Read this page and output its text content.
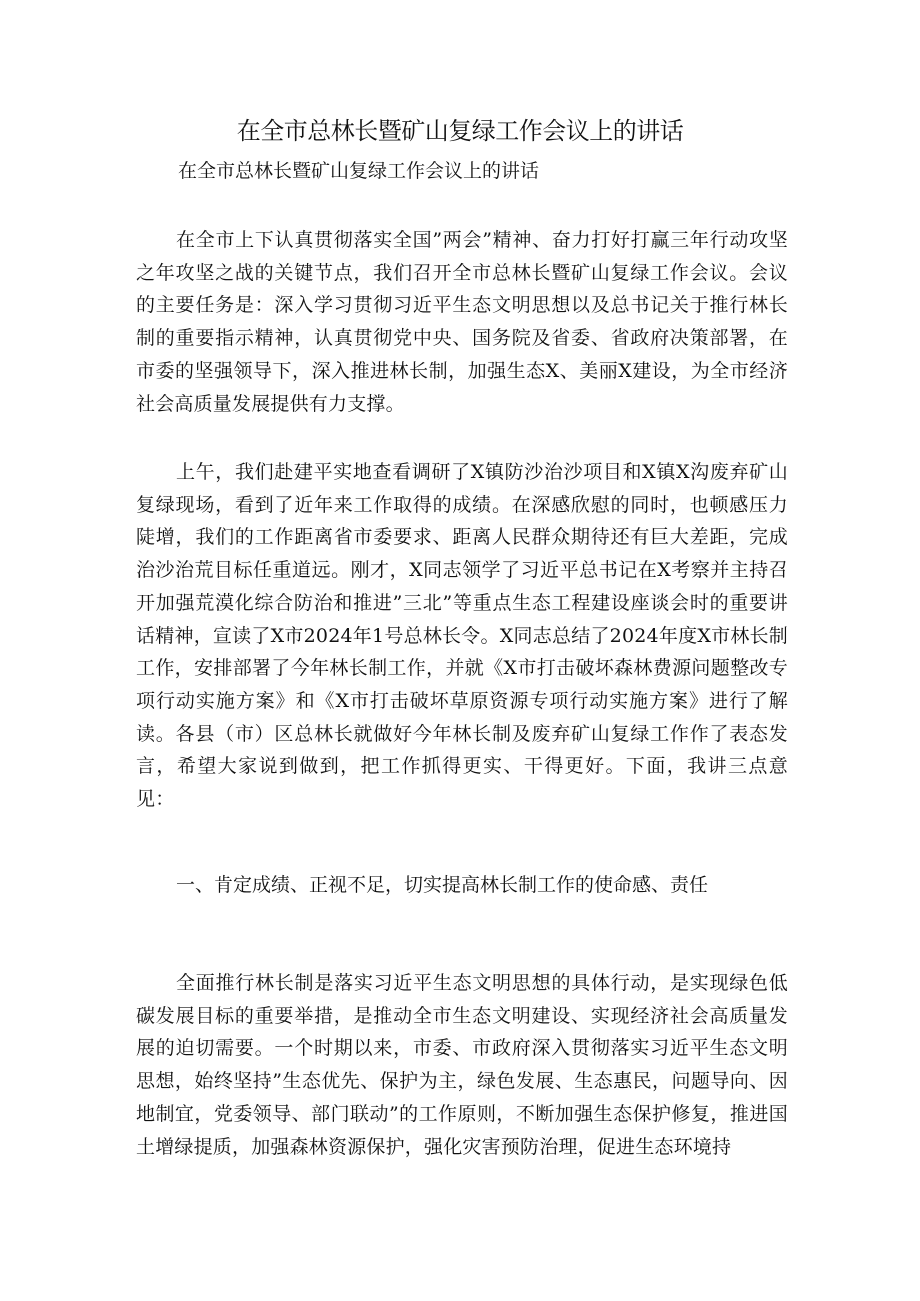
在全市总林长暨矿山复绿工作会议上的讲话

在全市总林长暨矿山复绿工作会议上的讲话

在全市上下认真贯彻落实全国”两会”精神、奋力打好打赢三年行动攻坚之年攻坚之战的关键节点，我们召开全市总林长暨矿山复绿工作会议。会议的主要任务是：深入学习贯彻习近平生态文明思想以及总书记关于推行林长制的重要指示精神，认真贯彻党中央、国务院及省委、省政府决策部署，在市委的坚强领导下，深入推进林长制，加强生态X、美丽X建设，为全市经济社会高质量发展提供有力支撑。

上午，我们赴建平实地查看调研了X镇防沙治沙项目和X镇X沟废弃矿山复绿现场，看到了近年来工作取得的成绩。在深感欣慰的同时，也顿感压力陡增，我们的工作距离省市委要求、距离人民群众期待还有巨大差距，完成治沙治荒目标任重道远。刚才，X同志领学了习近平总书记在X考察并主持召开加强荒漠化综合防治和推进”三北”等重点生态工程建设座谈会时的重要讲话精神，宣读了X市2024年1号总林长令。X同志总结了2024年度X市林长制工作，安排部署了今年林长制工作，并就《X市打击破坏森林费源问题整改专项行动实施方案》和《X市打击破坏草原资源专项行动实施方案》进行了解读。各县（市）区总林长就做好今年林长制及废弃矿山复绿工作作了表态发言，希望大家说到做到，把工作抓得更实、干得更好。下面，我讲三点意见：

一、肯定成绩、正视不足，切实提高林长制工作的使命感、责任

全面推行林长制是落实习近平生态文明思想的具体行动，是实现绿色低碳发展目标的重要举措，是推动全市生态文明建设、实现经济社会高质量发展的迫切需要。一个时期以来，市委、市政府深入贯彻落实习近平生态文明思想，始终坚持”生态优先、保护为主，绿色发展、生态惠民，问题导向、因地制宜，党委领导、部门联动”的工作原则，不断加强生态保护修复，推进国土增绿提质，加强森林资源保护，强化灾害预防治理，促进生态环境持
